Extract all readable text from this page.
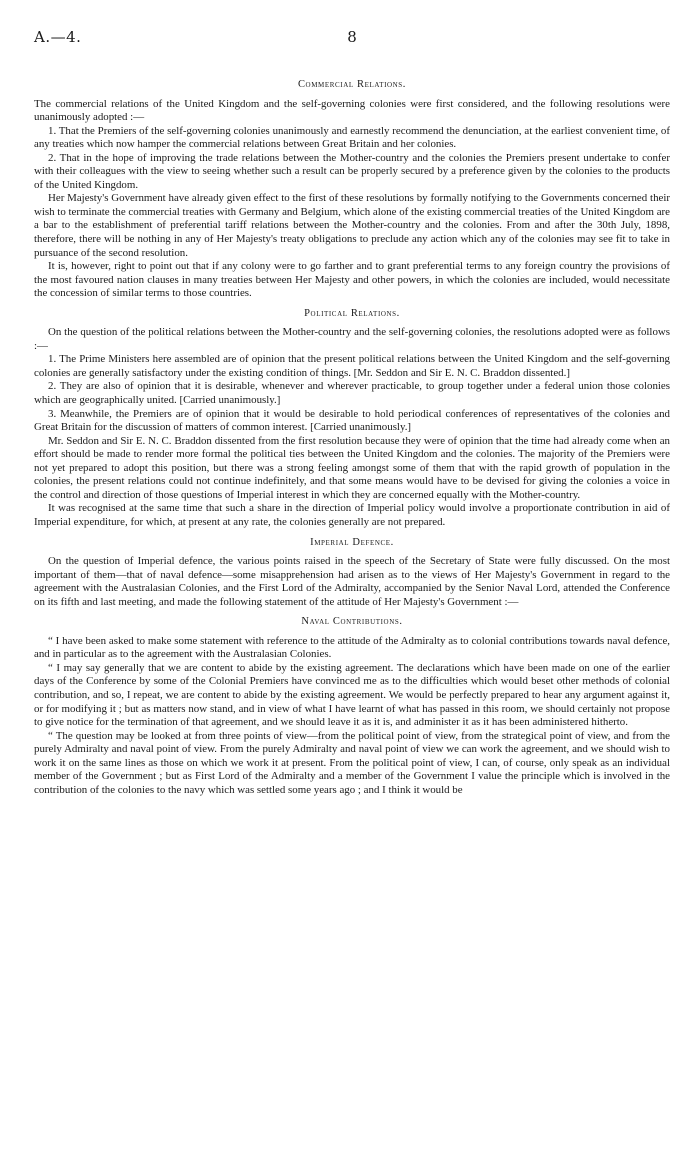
A.—4.	8
Commercial Relations.

The commercial relations of the United Kingdom and the self-governing colonies were first considered, and the following resolutions were unanimously adopted :—

1. That the Premiers of the self-governing colonies unanimously and earnestly recommend the denunciation, at the earliest convenient time, of any treaties which now hamper the commercial relations between Great Britain and her colonies.

2. That in the hope of improving the trade relations between the Mother-country and the colonies the Premiers present undertake to confer with their colleagues with the view to seeing whether such a result can be properly secured by a preference given by the colonies to the products of the United Kingdom.

Her Majesty's Government have already given effect to the first of these resolutions by formally notifying to the Governments concerned their wish to terminate the commercial treaties with Germany and Belgium, which alone of the existing commercial treaties of the United Kingdom are a bar to the establishment of preferential tariff relations between the Mother-country and the colonies. From and after the 30th July, 1898, therefore, there will be nothing in any of Her Majesty's treaty obligations to preclude any action which any of the colonies may see fit to take in pursuance of the second resolution.

It is, however, right to point out that if any colony were to go farther and to grant preferential terms to any foreign country the provisions of the most favoured nation clauses in many treaties between Her Majesty and other powers, in which the colonies are included, would necessitate the concession of similar terms to those countries.

Political Relations.

On the question of the political relations between the Mother-country and the self-governing colonies, the resolutions adopted were as follows :—

1. The Prime Ministers here assembled are of opinion that the present political relations between the United Kingdom and the self-governing colonies are generally satisfactory under the existing condition of things. [Mr. Seddon and Sir E. N. C. Braddon dissented.]

2. They are also of opinion that it is desirable, whenever and wherever practicable, to group together under a federal union those colonies which are geographically united. [Carried unanimously.]

3. Meanwhile, the Premiers are of opinion that it would be desirable to hold periodical conferences of representatives of the colonies and Great Britain for the discussion of matters of common interest. [Carried unanimously.]

Mr. Seddon and Sir E. N. C. Braddon dissented from the first resolution because they were of opinion that the time had already come when an effort should be made to render more formal the political ties between the United Kingdom and the colonies. The majority of the Premiers were not yet prepared to adopt this position, but there was a strong feeling amongst some of them that with the rapid growth of population in the colonies, the present relations could not continue indefinitely, and that some means would have to be devised for giving the colonies a voice in the control and direction of those questions of Imperial interest in which they are concerned equally with the Mother-country.

It was recognised at the same time that such a share in the direction of Imperial policy would involve a proportionate contribution in aid of Imperial expenditure, for which, at present at any rate, the colonies generally are not prepared.

Imperial Defence.

On the question of Imperial defence, the various points raised in the speech of the Secretary of State were fully discussed. On the most important of them—that of naval defence—some misapprehension had arisen as to the views of Her Majesty's Government in regard to the agreement with the Australasian Colonies, and the First Lord of the Admiralty, accompanied by the Senior Naval Lord, attended the Conference on its fifth and last meeting, and made the following statement of the attitude of Her Majesty's Government :—

Naval Contributions.

“ I have been asked to make some statement with reference to the attitude of the Admiralty as to colonial contributions towards naval defence, and in particular as to the agreement with the Australasian Colonies.

“ I may say generally that we are content to abide by the existing agreement. The declarations which have been made on one of the earlier days of the Conference by some of the Colonial Premiers have convinced me as to the difficulties which would beset other methods of colonial contribution, and so, I repeat, we are content to abide by the existing agreement. We would be perfectly prepared to hear any argument against it, or for modifying it ; but as matters now stand, and in view of what I have learnt of what has passed in this room, we should certainly not propose to give notice for the termination of that agreement, and we should leave it as it is, and administer it as it has been administered hitherto.

“ The question may be looked at from three points of view—from the political point of view, from the strategical point of view, and from the purely Admiralty and naval point of view. From the purely Admiralty and naval point of view we can work the agreement, and we should wish to work it on the same lines as those on which we work it at present. From the political point of view, I can, of course, only speak as an individual member of the Government ; but as First Lord of the Admiralty and a member of the Government I value the principle which is involved in the contribution of the colonies to the navy which was settled some years ago ; and I think it would be
